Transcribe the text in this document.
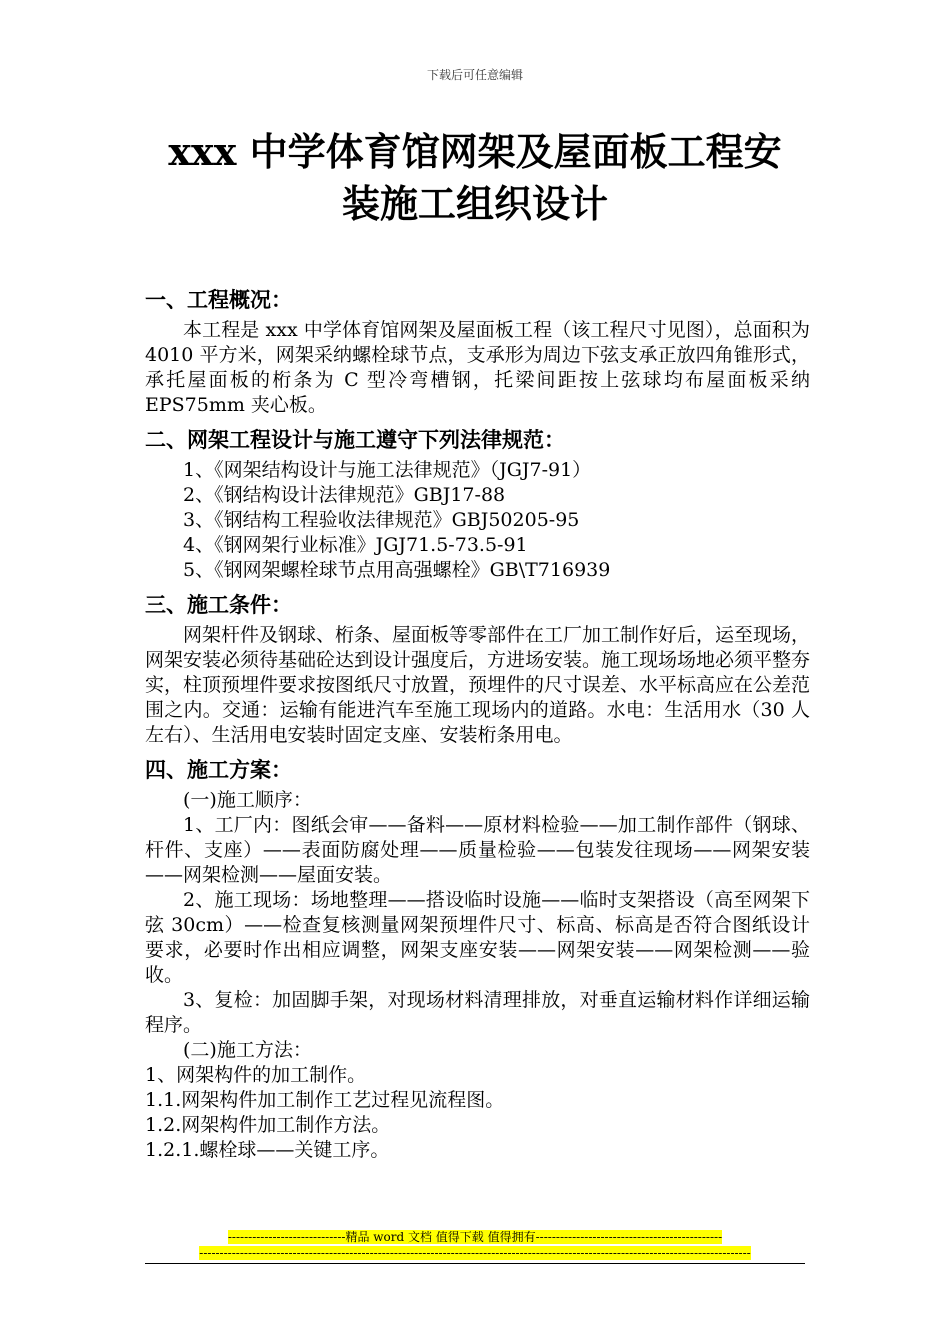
下载后可任意编辑
xxx 中学体育馆网架及屋面板工程安
装施工组织设计
一、工程概况：

本工程是 xxx 中学体育馆网架及屋面板工程（该工程尺寸见图），总面积为 4010 平方米，网架采纳螺栓球节点，支承形为周边下弦支承正放四角锥形式，承托屋面板的桁条为 C 型冷弯槽钢，托梁间距按上弦球均布屋面板采纳 EPS75mm 夹心板。

二、网架工程设计与施工遵守下列法律规范：

1、《网架结构设计与施工法律规范》（JGJ7-91）

2、《钢结构设计法律规范》GBJ17-88

3、《钢结构工程验收法律规范》GBJ50205-95

4、《钢网架行业标准》JGJ71.5-73.5-91

5、《钢网架螺栓球节点用高强螺栓》GB\T716939

三、施工条件：

网架杆件及钢球、桁条、屋面板等零部件在工厂加工制作好后，运至现场，网架安装必须待基础砼达到设计强度后，方进场安装。施工现场场地必须平整夯实，柱顶预埋件要求按图纸尺寸放置，预埋件的尺寸误差、水平标高应在公差范围之内。交通：运输有能进汽车至施工现场内的道路。水电：生活用水（30 人左右）、生活用电安装时固定支座、安装桁条用电。

四、施工方案：

(一)施工顺序：

1、工厂内：图纸会审——备料——原材料检验——加工制作部件（钢球、杆件、支座）——表面防腐处理——质量检验——包装发往现场——网架安装——网架检测——屋面安装。

2、施工现场：场地整理——搭设临时设施——临时支架搭设（高至网架下弦 30cm）——检查复核测量网架预埋件尺寸、标高、标高是否符合图纸设计要求，必要时作出相应调整，网架支座安装——网架安装——网架检测——验收。

3、复检：加固脚手架，对现场材料清理排放，对垂直运输材料作详细运输程序。

(二)施工方法：

1、网架构件的加工制作。

1.1.网架构件加工制作工艺过程见流程图。

1.2.网架构件加工制作方法。

1.2.1.螺栓球——关键工序。

-----------------------------精品 word 文档 值得下载 值得拥有----------------------------------------------
----------------------------------------------------------------------------------------------------------------------------------------
